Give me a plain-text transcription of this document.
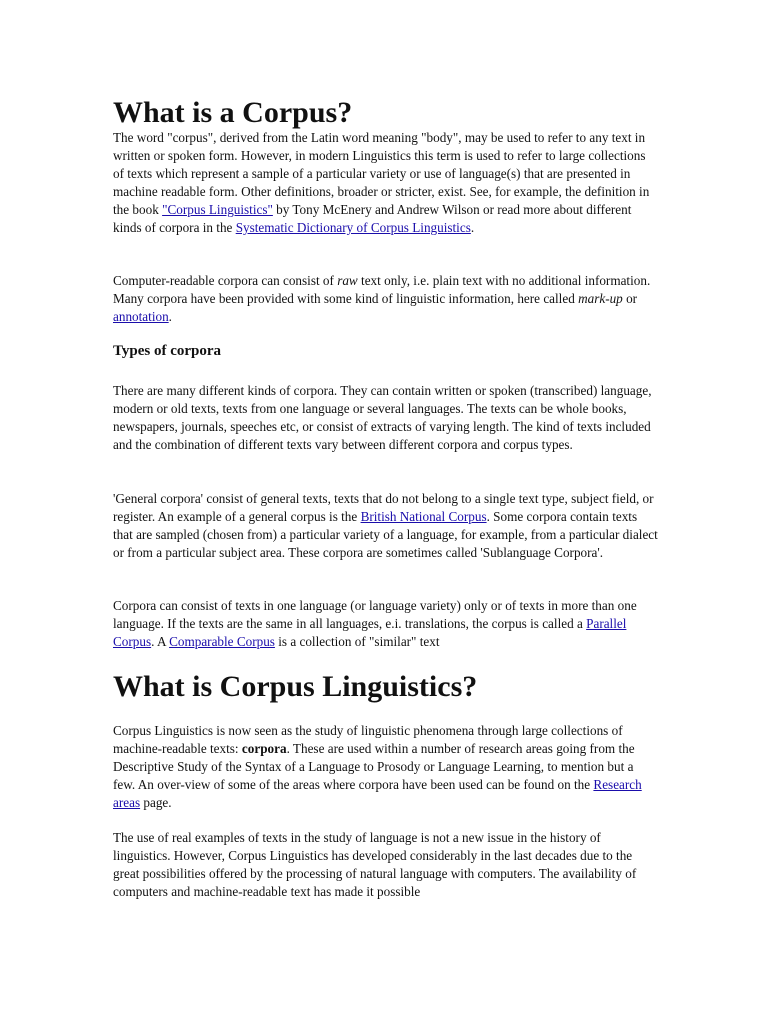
What is a Corpus?

The word "corpus", derived from the Latin word meaning "body", may be used to refer to any text in written or spoken form. However, in modern Linguistics this term is used to refer to large collections of texts which represent a sample of a particular variety or use of language(s) that are presented in machine readable form. Other definitions, broader or stricter, exist. See, for example, the definition in the book "Corpus Linguistics" by Tony McEnery and Andrew Wilson or read more about different kinds of corpora in the Systematic Dictionary of Corpus Linguistics.

Computer-readable corpora can consist of raw text only, i.e. plain text with no additional information. Many corpora have been provided with some kind of linguistic information, here called mark-up or annotation.

Types of corpora

There are many different kinds of corpora. They can contain written or spoken (transcribed) language, modern or old texts, texts from one language or several languages. The texts can be whole books, newspapers, journals, speeches etc, or consist of extracts of varying length. The kind of texts included and the combination of different texts vary between different corpora and corpus types.

'General corpora' consist of general texts, texts that do not belong to a single text type, subject field, or register. An example of a general corpus is the British National Corpus. Some corpora contain texts that are sampled (chosen from) a particular variety of a language, for example, from a particular dialect or from a particular subject area. These corpora are sometimes called 'Sublanguage Corpora'.

Corpora can consist of texts in one language (or language variety) only or of texts in more than one language. If the texts are the same in all languages, e.i. translations, the corpus is called a Parallel Corpus. A Comparable Corpus is a collection of "similar" text

What is Corpus Linguistics?

Corpus Linguistics is now seen as the study of linguistic phenomena through large collections of machine-readable texts: corpora. These are used within a number of research areas going from the Descriptive Study of the Syntax of a Language to Prosody or Language Learning, to mention but a few. An over-view of some of the areas where corpora have been used can be found on the Research areas page.

The use of real examples of texts in the study of language is not a new issue in the history of linguistics. However, Corpus Linguistics has developed considerably in the last decades due to the great possibilities offered by the processing of natural language with computers. The availability of computers and machine-readable text has made it possible
